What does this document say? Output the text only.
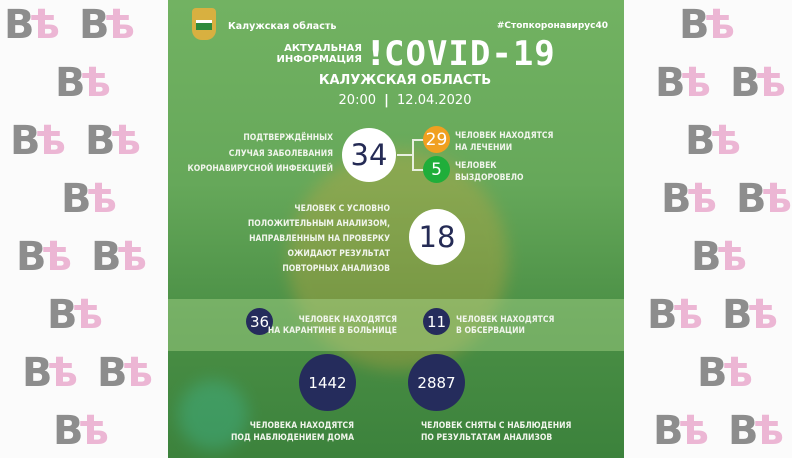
Вѣ Вѣ	Вѣ
Вѣ	Вѣ Вѣ
Вѣ Вѣ	Вѣ
Вѣ	Вѣ Вѣ
Вѣ Вѣ	Вѣ
Вѣ	Вѣ Вѣ
Вѣ Вѣ	Вѣ
Вѣ	Вѣ Вѣ
Калужская область	#Стопкоронавирус40
АКТУАЛЬНАЯ
ИНФОРМАЦИЯ ! COVID-19
КАЛУЖСКАЯ ОБЛАСТЬ
20:00 | 12.04.2020
ПОДТВЕРЖДЁННЫХ
СЛУЧАЯ ЗАБОЛЕВАНИЯ
КОРОНАВИРУСНОЙ ИНФЕКЦИЕЙ 34	29
5
ЧЕЛОВЕК НАХОДЯТСЯ
НА ЛЕЧЕНИИ
ЧЕЛОВЕК
ВЫЗДОРОВЕЛО
ЧЕЛОВЕК С УСЛОВНО
ПОЛОЖИТЕЛЬНЫМ АНАЛИЗОМ,
НАПРАВЛЕННЫМ НА ПРОВЕРКУ
ОЖИДАЮТ РЕЗУЛЬТАТ
ПОВТОРНЫХ АНАЛИЗОВ
18
36	ЧЕЛОВЕК НАХОДЯТСЯ
НА КАРАНТИНЕ В БОЛЬНИЦЕ
11	ЧЕЛОВЕК НАХОДЯТСЯ
В ОБСЕРВАЦИИ
1442	2887
ЧЕЛОВЕКА НАХОДЯТСЯ
ПОД НАБЛЮДЕНИЕМ ДОМА
ЧЕЛОВЕК СНЯТЫ С НАБЛЮДЕНИЯ
ПО РЕЗУЛЬТАТАМ АНАЛИЗОВ
